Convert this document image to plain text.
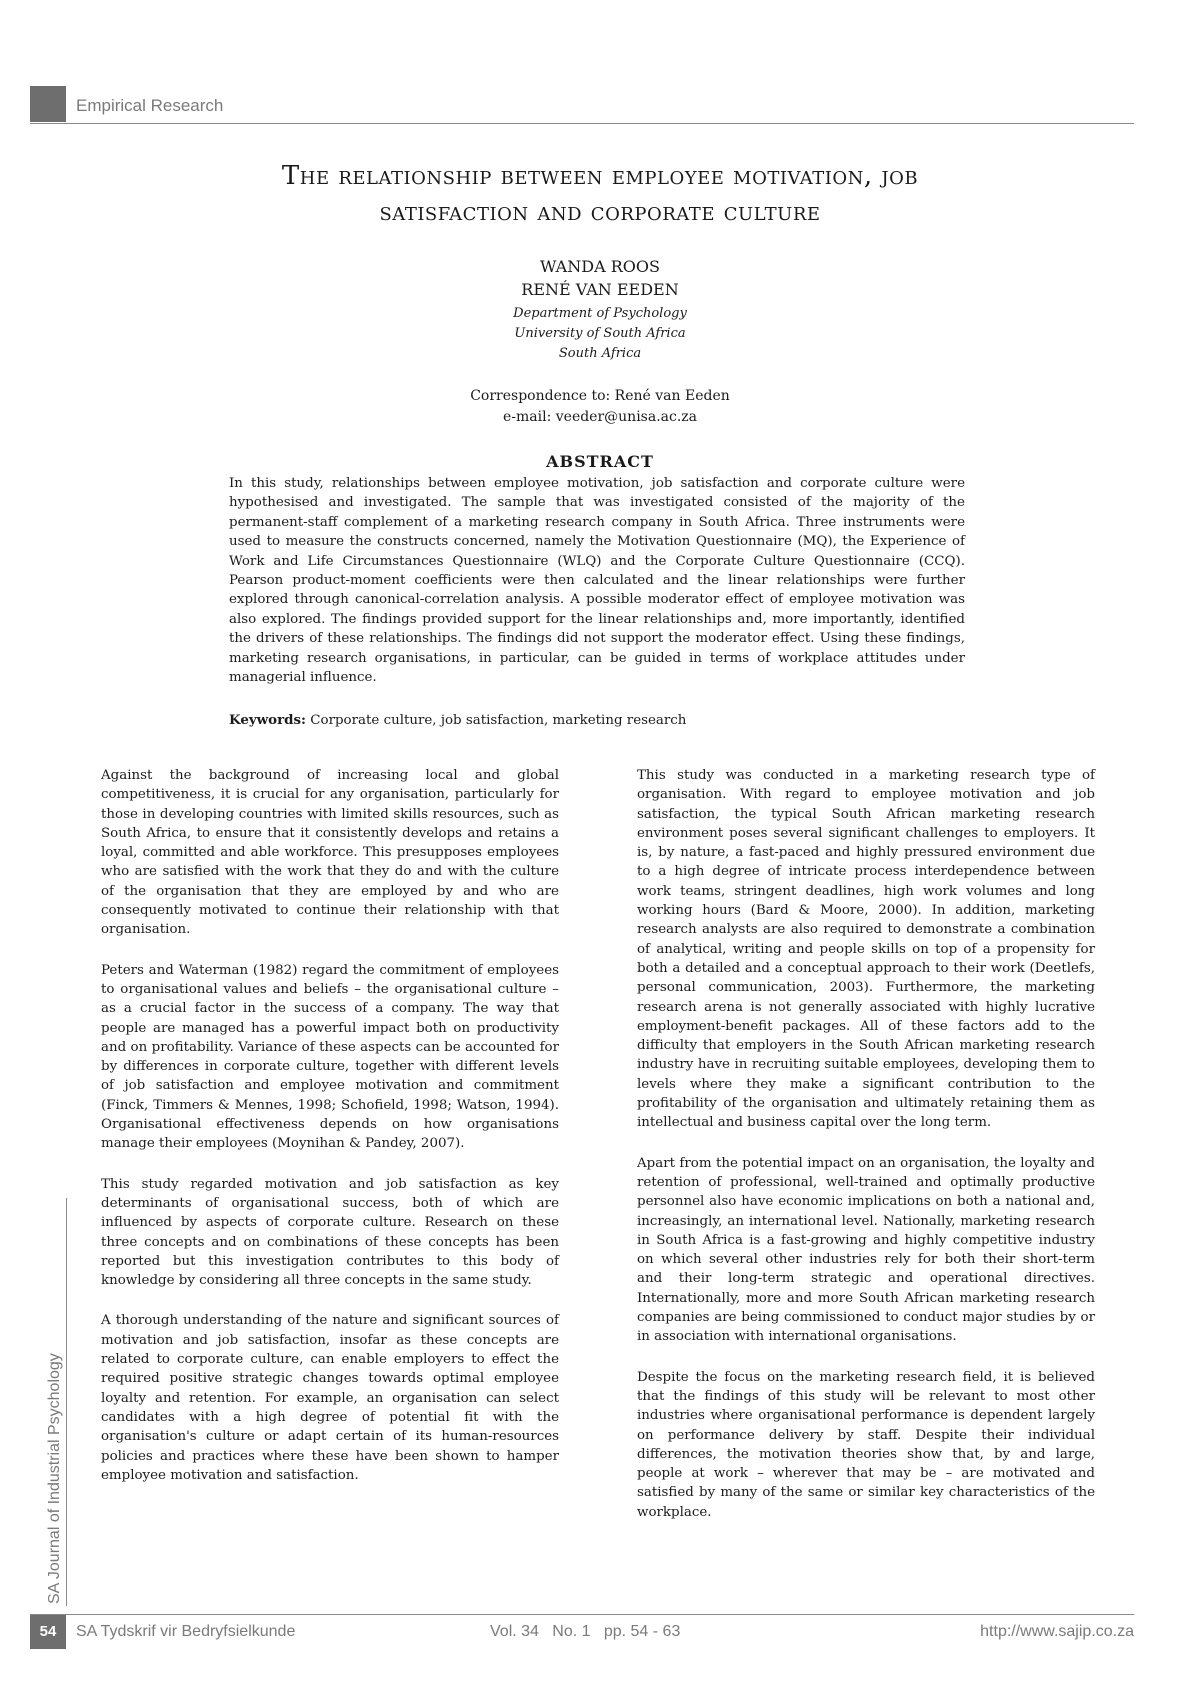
Empirical Research
The relationship between employee motivation, job
satisfaction and corporate culture
WANDA ROOS
RENÉ VAN EEDEN
Department of Psychology
University of South Africa
South Africa
Correspondence to: René van Eeden
e-mail: veeder@unisa.ac.za
ABSTRACT
In this study, relationships between employee motivation, job satisfaction and corporate culture were hypothesised and investigated. The sample that was investigated consisted of the majority of the permanent-staff complement of a marketing research company in South Africa. Three instruments were used to measure the constructs concerned, namely the Motivation Questionnaire (MQ), the Experience of Work and Life Circumstances Questionnaire (WLQ) and the Corporate Culture Questionnaire (CCQ). Pearson product-moment coefficients were then calculated and the linear relationships were further explored through canonical-correlation analysis. A possible moderator effect of employee motivation was also explored. The findings provided support for the linear relationships and, more importantly, identified the drivers of these relationships. The findings did not support the moderator effect. Using these findings, marketing research organisations, in particular, can be guided in terms of workplace attitudes under managerial influence.
Keywords: Corporate culture, job satisfaction, marketing research

Against the background of increasing local and global competitiveness, it is crucial for any organisation, particularly for those in developing countries with limited skills resources, such as South Africa, to ensure that it consistently develops and retains a loyal, committed and able workforce. This presupposes employees who are satisfied with the work that they do and with the culture of the organisation that they are employed by and who are consequently motivated to continue their relationship with that organisation.

Peters and Waterman (1982) regard the commitment of employees to organisational values and beliefs – the organisational culture – as a crucial factor in the success of a company. The way that people are managed has a powerful impact both on productivity and on profitability. Variance of these aspects can be accounted for by differences in corporate culture, together with different levels of job satisfaction and employee motivation and commitment (Finck, Timmers & Mennes, 1998; Schofield, 1998; Watson, 1994). Organisational effectiveness depends on how organisations manage their employees (Moynihan & Pandey, 2007).

This study regarded motivation and job satisfaction as key determinants of organisational success, both of which are influenced by aspects of corporate culture. Research on these three concepts and on combinations of these concepts has been reported but this investigation contributes to this body of knowledge by considering all three concepts in the same study.

A thorough understanding of the nature and significant sources of motivation and job satisfaction, insofar as these concepts are related to corporate culture, can enable employers to effect the required positive strategic changes towards optimal employee loyalty and retention. For example, an organisation can select candidates with a high degree of potential fit with the organisation's culture or adapt certain of its human-resources policies and practices where these have been shown to hamper employee motivation and satisfaction.

This study was conducted in a marketing research type of organisation. With regard to employee motivation and job satisfaction, the typical South African marketing research environment poses several significant challenges to employers. It is, by nature, a fast-paced and highly pressured environment due to a high degree of intricate process interdependence between work teams, stringent deadlines, high work volumes and long working hours (Bard & Moore, 2000). In addition, marketing research analysts are also required to demonstrate a combination of analytical, writing and people skills on top of a propensity for both a detailed and a conceptual approach to their work (Deetlefs, personal communication, 2003). Furthermore, the marketing research arena is not generally associated with highly lucrative employment-benefit packages. All of these factors add to the difficulty that employers in the South African marketing research industry have in recruiting suitable employees, developing them to levels where they make a significant contribution to the profitability of the organisation and ultimately retaining them as intellectual and business capital over the long term.

Apart from the potential impact on an organisation, the loyalty and retention of professional, well-trained and optimally productive personnel also have economic implications on both a national and, increasingly, an international level. Nationally, marketing research in South Africa is a fast-growing and highly competitive industry on which several other industries rely for both their short-term and their long-term strategic and operational directives. Internationally, more and more South African marketing research companies are being commissioned to conduct major studies by or in association with international organisations.

Despite the focus on the marketing research field, it is believed that the findings of this study will be relevant to most other industries where organisational performance is dependent largely on performance delivery by staff. Despite their individual differences, the motivation theories show that, by and large, people at work – wherever that may be – are motivated and satisfied by many of the same or similar key characteristics of the workplace.

SA Journal of Industrial Psychology
54	SA Tydskrif vir Bedryfsielkunde	Vol. 34   No. 1   pp. 54 - 63	http://www.sajip.co.za
